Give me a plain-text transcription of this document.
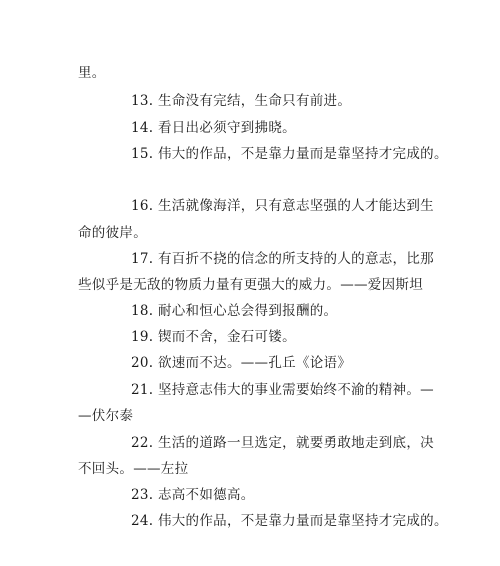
里。
13. 生命没有完结，生命只有前进。
14. 看日出必须守到拂晓。
15. 伟大的作品，不是靠力量而是靠坚持才完成的。
16. 生活就像海洋，只有意志坚强的人才能达到生
命的彼岸。
17. 有百折不挠的信念的所支持的人的意志，比那
些似乎是无敌的物质力量有更强大的威力。——爱因斯坦
18. 耐心和恒心总会得到报酬的。
19. 锲而不舍，金石可镂。
20. 欲速而不达。——孔丘《论语》
21. 坚持意志伟大的事业需要始终不渝的精神。—
—伏尔泰
22. 生活的道路一旦选定，就要勇敢地走到底，决
不回头。——左拉
23. 志高不如德高。
24. 伟大的作品，不是靠力量而是靠坚持才完成的。
